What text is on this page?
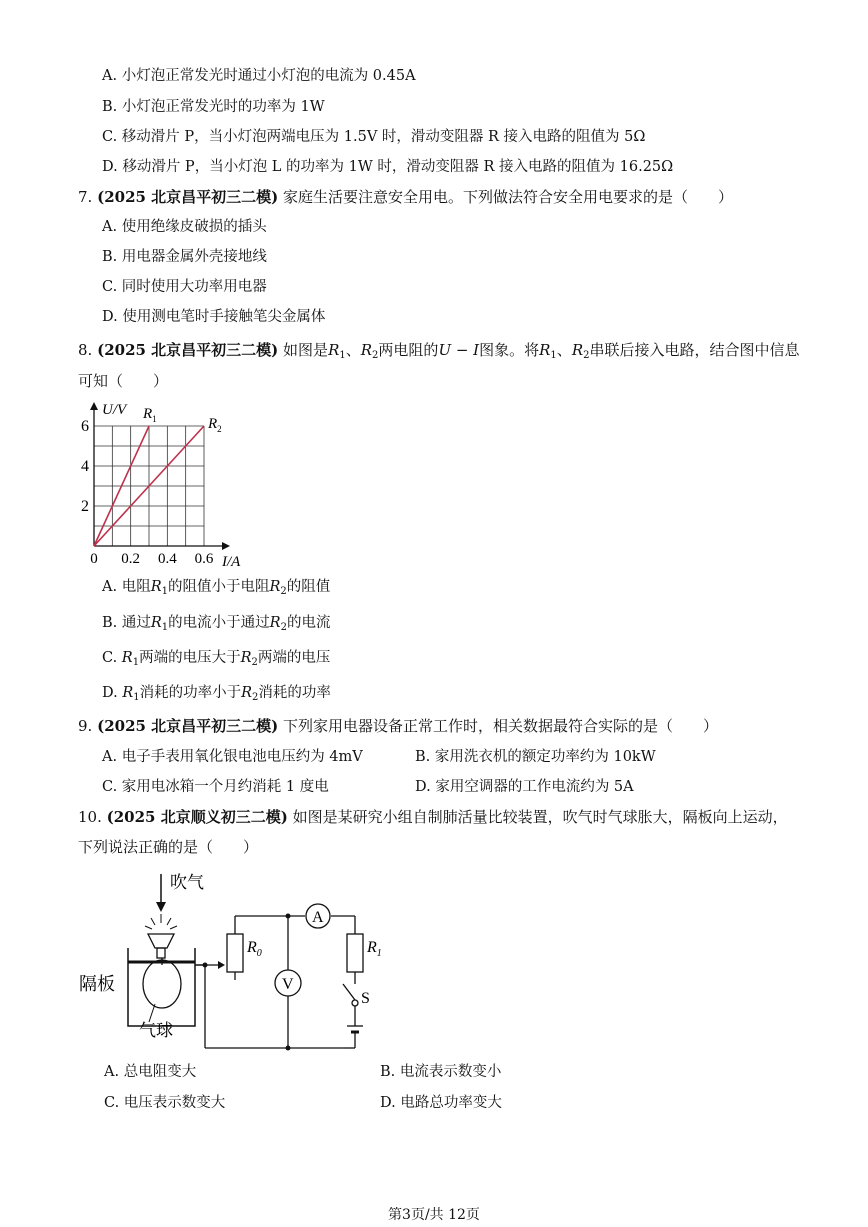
A. 小灯泡正常发光时通过小灯泡的电流为 0.45A
B. 小灯泡正常发光时的功率为 1W
C. 移动滑片 P，当小灯泡两端电压为 1.5V 时，滑动变阻器 R 接入电路的阻值为 5Ω
D. 移动滑片 P，当小灯泡 L 的功率为 1W 时，滑动变阻器 R 接入电路的阻值为 16.25Ω
7. (2025 北京昌平初三二模) 家庭生活要注意安全用电。下列做法符合安全用电要求的是（　　）
A. 使用绝缘皮破损的插头
B. 用电器金属外壳接地线
C. 同时使用大功率用电器
D. 使用测电笔时手接触笔尖金属体
8. (2025 北京昌平初三二模) 如图是$R_1$、$R_2$两电阻的U − I图象。将$R_1$、$R_2$串联后接入电路，结合图中信息
可知（　　）
$R_1$	$R_2$
0 0.2 0.4 0.6
2
4
6
I/A
U/V
A. 电阻$R_1$的阻值小于电阻$R_2$的阻值
B. 通过$R_1$的电流小于通过$R_2$的电流
C. $R_1$两端的电压大于$R_2$两端的电压
D. $R_1$消耗的功率小于$R_2$消耗的功率
9. (2025 北京昌平初三二模) 下列家用电器设备正常工作时，相关数据最符合实际的是（　　）
A. 电子手表用氧化银电池电压约为 4mV	B. 家用洗衣机的额定功率约为 10kW
C. 家用电冰箱一个月约消耗 1 度电	D. 家用空调器的工作电流约为 5A
10. (2025 北京顺义初三二模) 如图是某研究小组自制肺活量比较装置，吹气时气球胀大，隔板向上运动，
下列说法正确的是（　　）
吹气
隔板
气球
$R_0$
A
V
$R_1$
S
A. 总电阻变大	B. 电流表示数变小
C. 电压表示数变大	D. 电路总功率变大
第3页/共 12页
